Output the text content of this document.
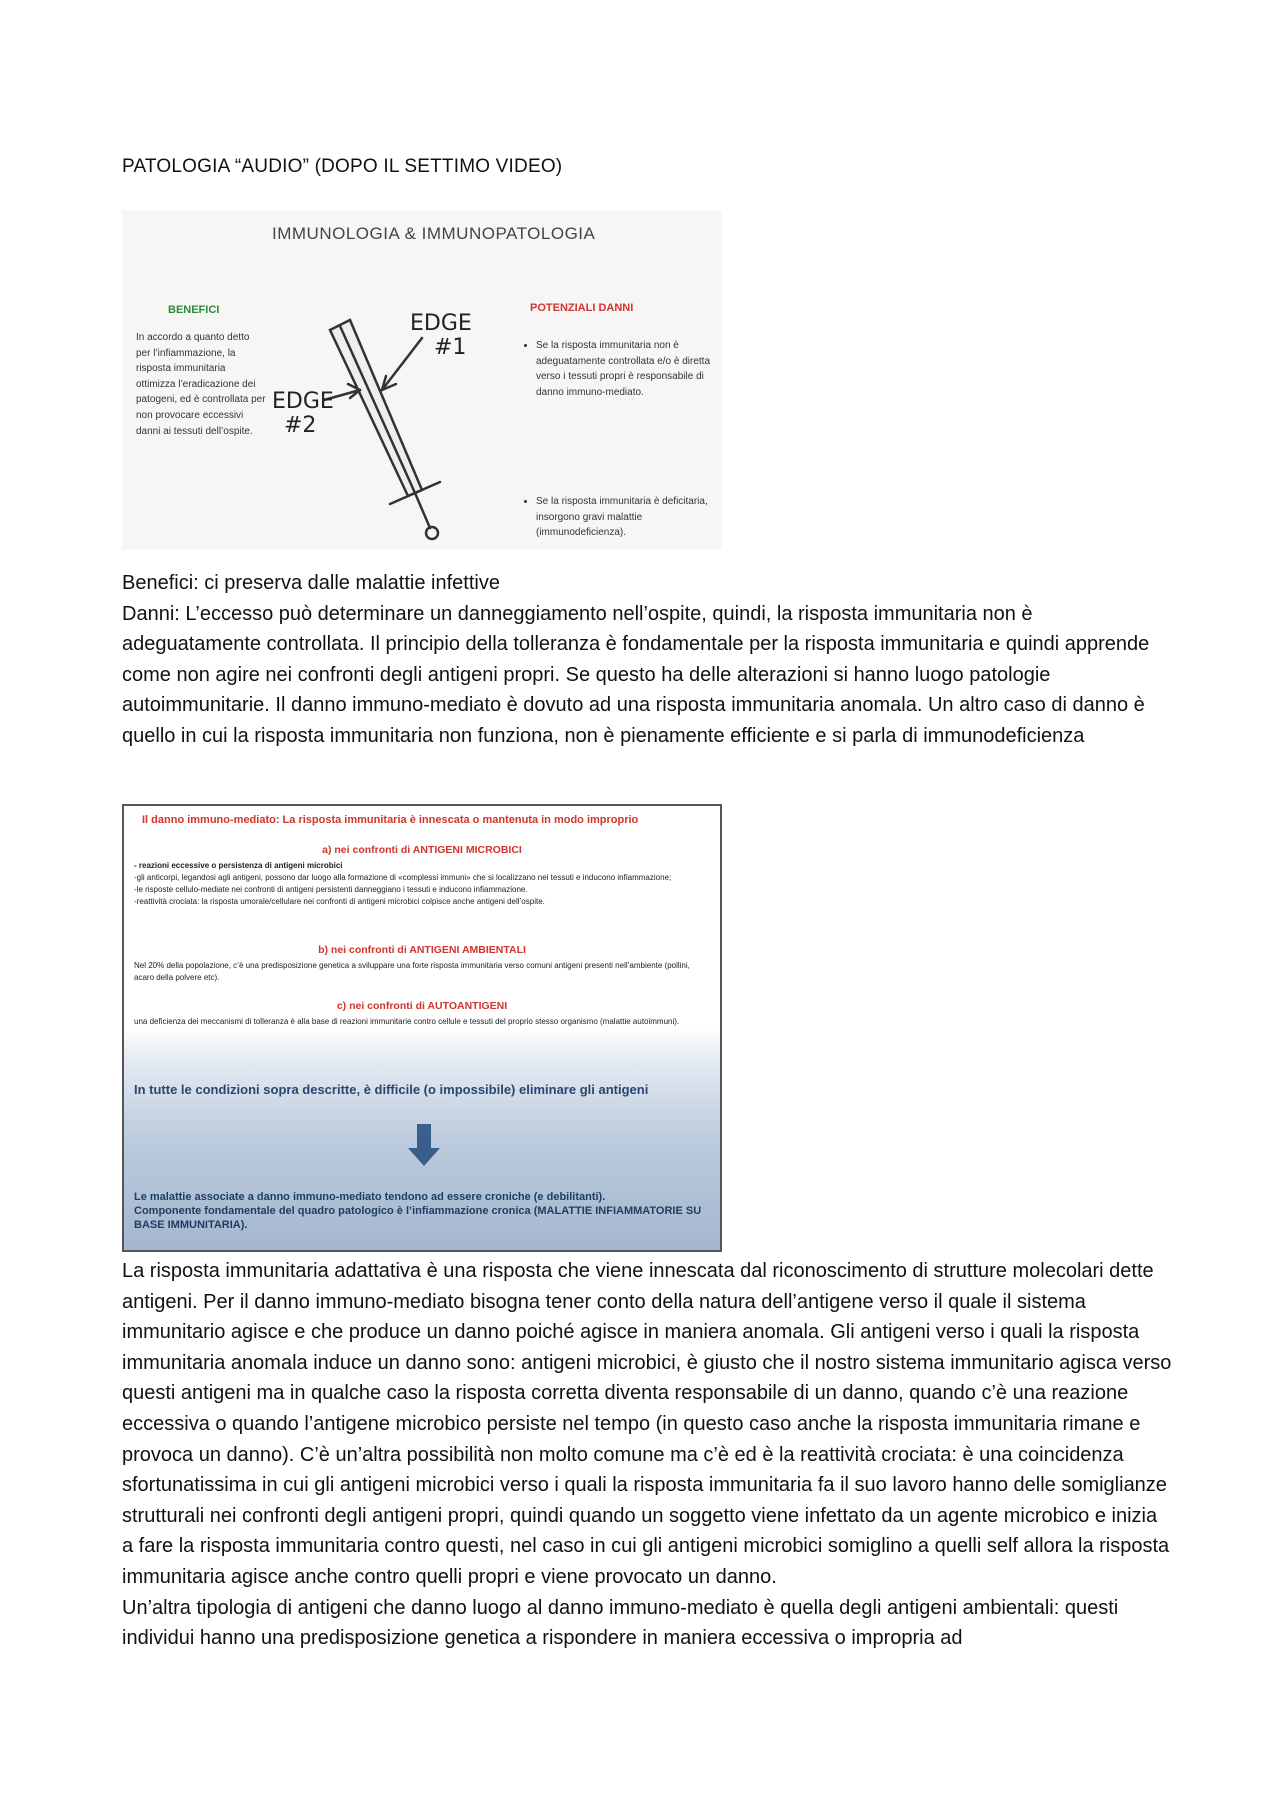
PATOLOGIA “AUDIO” (DOPO IL SETTIMO VIDEO)
IMMUNOLOGIA & IMMUNOPATOLOGIA
BENEFICI
In accordo a quanto detto per l’infiammazione, la risposta immunitaria ottimizza l’eradicazione dei patogeni, ed è controllata per non provocare eccessivi danni ai tessuti dell’ospite.
POTENZIALI DANNI
• Se la risposta immunitaria non è adeguatamente controllata e/o è diretta verso i tessuti propri è responsabile di danno immuno-mediato.
• Se la risposta immunitaria è deficitaria, insorgono gravi malattie (immunodeficienza).
EDGE
#1
EDGE
#2

Benefici: ci preserva dalle malattie infettive

Danni: L’eccesso può determinare un danneggiamento nell’ospite, quindi, la risposta immunitaria non è adeguatamente controllata. Il principio della tolleranza è fondamentale per la risposta immunitaria e quindi apprende come non agire nei confronti degli antigeni propri. Se questo ha delle alterazioni si hanno luogo patologie autoimmunitarie. Il danno immuno-mediato è dovuto ad una risposta immunitaria anomala. Un altro caso di danno è quello in cui la risposta immunitaria non funziona, non è pienamente efficiente e si parla di immunodeficienza

Il danno immuno-mediato: La risposta immunitaria è innescata o mantenuta in modo improprio
a) nei confronti di ANTIGENI MICROBICI

- reazioni eccessive o persistenza di antigeni microbici

-gli anticorpi, legandosi agli antigeni, possono dar luogo alla formazione di «complessi immuni» che si localizzano nei tessuti e inducono infiammazione;

-le risposte cellulo-mediate nei confronti di antigeni persistenti danneggiano i tessuti e inducono infiammazione.

-reattività crociata: la risposta umorale/cellulare nei confronti di antigeni microbici colpisce anche antigeni dell’ospite.

b) nei confronti di ANTIGENI AMBIENTALI
Nel 20% della popolazione, c’è una predisposizione genetica a sviluppare una forte risposta immunitaria verso comuni antigeni presenti nell’ambiente (pollini, acaro della polvere etc).
c) nei confronti di AUTOANTIGENI
una deficienza dei meccanismi di tolleranza è alla base di reazioni immunitarie contro cellule e tessuti del proprio stesso organismo (malattie autoimmuni).
In tutte le condizioni sopra descritte, è difficile (o impossibile) eliminare gli antigeni

Le malattie associate a danno immuno-mediato tendono ad essere croniche (e debilitanti).

Componente fondamentale del quadro patologico è l’infiammazione cronica (MALATTIE INFIAMMATORIE SU BASE IMMUNITARIA).

La risposta immunitaria adattativa è una risposta che viene innescata dal riconoscimento di strutture molecolari dette antigeni. Per il danno immuno-mediato bisogna tener conto della natura dell’antigene verso il quale il sistema immunitario agisce e che produce un danno poiché agisce in maniera anomala. Gli antigeni verso i quali la risposta immunitaria anomala induce un danno sono: antigeni microbici, è giusto che il nostro sistema immunitario agisca verso questi antigeni ma in qualche caso la risposta corretta diventa responsabile di un danno, quando c’è una reazione eccessiva o quando l’antigene microbico persiste nel tempo (in questo caso anche la risposta immunitaria rimane e provoca un danno). C’è un’altra possibilità non molto comune ma c’è ed è la reattività crociata: è una coincidenza sfortunatissima in cui gli antigeni microbici verso i quali la risposta immunitaria fa il suo lavoro hanno delle somiglianze strutturali nei confronti degli antigeni propri, quindi quando un soggetto viene infettato da un agente microbico e inizia a fare la risposta immunitaria contro questi, nel caso in cui gli antigeni microbici somiglino a quelli self allora la risposta immunitaria agisce anche contro quelli propri e viene provocato un danno.

Un’altra tipologia di antigeni che danno luogo al danno immuno-mediato è quella degli antigeni ambientali: questi individui hanno una predisposizione genetica a rispondere in maniera eccessiva o impropria ad
